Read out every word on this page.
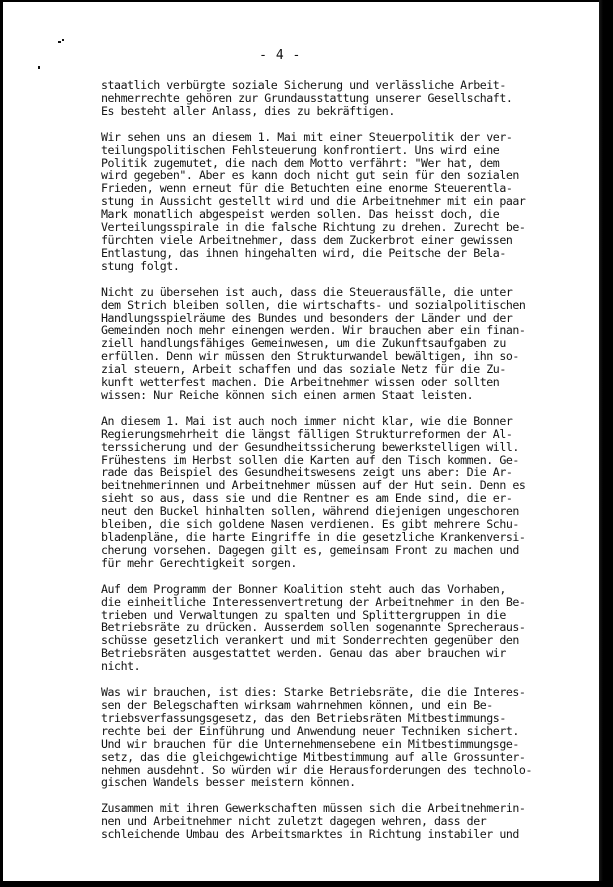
- 4 -
staatlich verbürgte soziale Sicherung und verlässliche Arbeit-
nehmerrechte gehören zur Grundausstattung unserer Gesellschaft.
Es besteht aller Anlass, dies zu bekräftigen.
Wir sehen uns an diesem 1. Mai mit einer Steuerpolitik der ver-
teilungspolitischen Fehlsteuerung konfrontiert. Uns wird eine
Politik zugemutet, die nach dem Motto verfährt: "Wer hat, dem
wird gegeben". Aber es kann doch nicht gut sein für den sozialen
Frieden, wenn erneut für die Betuchten eine enorme Steuerentla-
stung in Aussicht gestellt wird und die Arbeitnehmer mit ein paar
Mark monatlich abgespeist werden sollen. Das heisst doch, die
Verteilungsspirale in die falsche Richtung zu drehen. Zurecht be-
fürchten viele Arbeitnehmer, dass dem Zuckerbrot einer gewissen
Entlastung, das ihnen hingehalten wird, die Peitsche der Bela-
stung folgt.
Nicht zu übersehen ist auch, dass die Steuerausfälle, die unter
dem Strich bleiben sollen, die wirtschafts- und sozialpolitischen
Handlungsspielräume des Bundes und besonders der Länder und der
Gemeinden noch mehr einengen werden. Wir brauchen aber ein finan-
ziell handlungsfähiges Gemeinwesen, um die Zukunftsaufgaben zu
erfüllen. Denn wir müssen den Strukturwandel bewältigen, ihn so-
zial steuern, Arbeit schaffen und das soziale Netz für die Zu-
kunft wetterfest machen. Die Arbeitnehmer wissen oder sollten
wissen: Nur Reiche können sich einen armen Staat leisten.
An diesem 1. Mai ist auch noch immer nicht klar, wie die Bonner
Regierungsmehrheit die längst fälligen Strukturreformen der Al-
terssicherung und der Gesundheitssicherung bewerkstelligen will.
Frühestens im Herbst sollen die Karten auf den Tisch kommen. Ge-
rade das Beispiel des Gesundheitswesens zeigt uns aber: Die Ar-
beitnehmerinnen und Arbeitnehmer müssen auf der Hut sein. Denn es
sieht so aus, dass sie und die Rentner es am Ende sind, die er-
neut den Buckel hinhalten sollen, während diejenigen ungeschoren
bleiben, die sich goldene Nasen verdienen. Es gibt mehrere Schu-
bladenpläne, die harte Eingriffe in die gesetzliche Krankenversi-
cherung vorsehen. Dagegen gilt es, gemeinsam Front zu machen und
für mehr Gerechtigkeit sorgen.
Auf dem Programm der Bonner Koalition steht auch das Vorhaben,
die einheitliche Interessenvertretung der Arbeitnehmer in den Be-
trieben und Verwaltungen zu spalten und Splittergruppen in die
Betriebsräte zu drücken. Ausserdem sollen sogenannte Sprecheraus-
schüsse gesetzlich verankert und mit Sonderrechten gegenüber den
Betriebsräten ausgestattet werden. Genau das aber brauchen wir
nicht.
Was wir brauchen, ist dies: Starke Betriebsräte, die die Interes-
sen der Belegschaften wirksam wahrnehmen können, und ein Be-
triebsverfassungsgesetz, das den Betriebsräten Mitbestimmungs-
rechte bei der Einführung und Anwendung neuer Techniken sichert.
Und wir brauchen für die Unternehmensebene ein Mitbestimmungsge-
setz, das die gleichgewichtige Mitbestimmung auf alle Grossunter-
nehmen ausdehnt. So würden wir die Herausforderungen des technolo-
gischen Wandels besser meistern können.
Zusammen mit ihren Gewerkschaften müssen sich die Arbeitnehmerin-
nen und Arbeitnehmer nicht zuletzt dagegen wehren, dass der
schleichende Umbau des Arbeitsmarktes in Richtung instabiler und
